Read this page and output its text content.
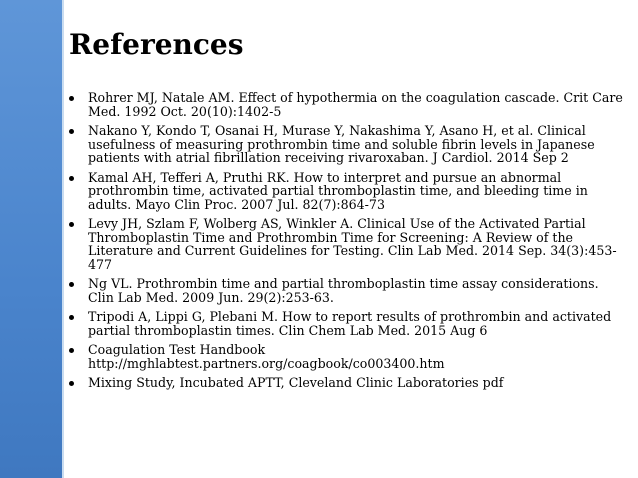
References
Rohrer MJ, Natale AM. Effect of hypothermia on the coagulation cascade. Crit Care Med. 1992 Oct. 20(10):1402-5
Nakano Y, Kondo T, Osanai H, Murase Y, Nakashima Y, Asano H, et al. Clinical usefulness of measuring prothrombin time and soluble fibrin levels in Japanese patients with atrial fibrillation receiving rivaroxaban. J Cardiol. 2014 Sep 2
Kamal AH, Tefferi A, Pruthi RK. How to interpret and pursue an abnormal prothrombin time, activated partial thromboplastin time, and bleeding time in adults. Mayo Clin Proc. 2007 Jul. 82(7):864-73
Levy JH, Szlam F, Wolberg AS, Winkler A. Clinical Use of the Activated Partial Thromboplastin Time and Prothrombin Time for Screening: A Review of the Literature and Current Guidelines for Testing. Clin Lab Med. 2014 Sep. 34(3):453-477
Ng VL. Prothrombin time and partial thromboplastin time assay considerations. Clin Lab Med. 2009 Jun. 29(2):253-63.
Tripodi A, Lippi G, Plebani M. How to report results of prothrombin and activated partial thromboplastin times. Clin Chem Lab Med. 2015 Aug 6
Coagulation Test Handbook http://mghlabtest.partners.org/coagbook/co003400.htm
Mixing Study, Incubated APTT, Cleveland Clinic Laboratories pdf
